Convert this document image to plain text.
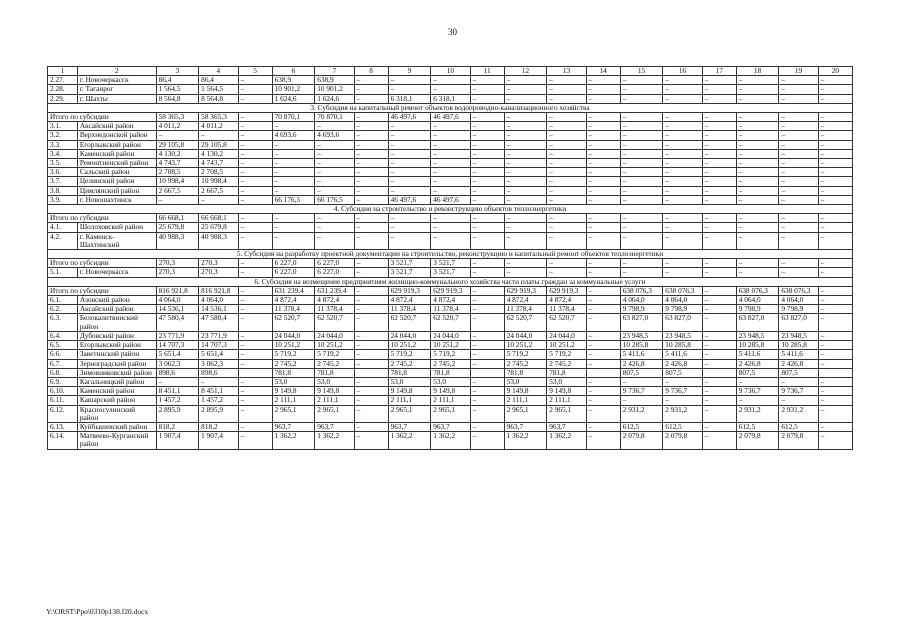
30
1	2	3	4	5	6	7	8	9	10	11	12	13	14	15	16	17	18	19	20
2.27.	г. Новочеркасск	86,4	86,4	–	638,9	638,9	–	–	–	–	–	–	–	–	–	–	–	–	–
2.28.	г. Таганрог	1 564,5	1 564,5	–	10 901,2	10 901,2	–	–	–	–	–	–	–	–	–	–	–	–	–
2.29.	г. Шахты	8 564,8	8 564,8	–	1 624,6	1 624,6	–	6 318,1	6 318,1	–	–	–	–	–	–	–	–	–	–
3. Субсидия на капитальный ремонт объектов водопроводно-канализационного хозяйства																			
Итого по субсидии		58 365,3	58 365,3	–	70 870,1	70 870,1	–	46 497,6	46 497,6	–	–	–	–	–	–	–	–	–	–
3.1.	Аксайский район	4 011,2	4 011,2	–	–	–	–	–	–	–	–	–	–	–	–	–	–	–	–
3.2.	Верхнедонской район	–	–	–	4 693,6	4 693,6	–	–	–	–	–	–	–	–	–	–	–	–	–
3.3.	Егорлыкский район	29 105,8	29 105,8	–	–	–	–	–	–	–	–	–	–	–	–	–	–	–	–
3.4.	Каменский район	4 130,2	4 130,2	–	–	–	–	–	–	–	–	–	–	–	–	–	–	–	–
3.5.	Ремонтненский район	4 743,7	4 743,7	–	–	–	–	–	–	–	–	–	–	–	–	–	–	–	–
3.6.	Сальский район	2 708,5	2 708,5	–	–	–	–	–	–	–	–	–	–	–	–	–	–	–	–
3.7.	Целинский район	10 998,4	10 998,4	–	–	–	–	–	–	–	–	–	–	–	–	–	–	–	–
3.8.	Цимлянский район	2 667,5	2 667,5	–	–	–	–	–	–	–	–	–	–	–	–	–	–	–	–
3.9.	г. Новошахтинск	–	–	–	66 176,5	66 176,5	–	46 497,6	46 497,6	–	–	–	–	–	–	–	–	–	–
4. Субсидия на строительство и реконструкцию объектов теплоэнергетики																			
Итого по субсидии		66 668,1	66 668,1	–	–	–	–	–	–	–	–	–	–	–	–	–	–	–	–
4.1.	Шолоховский район	25 679,8	25 679,8	–	–	–	–	–	–	–	–	–	–	–	–	–	–	–	–
4.2.	г. Каменск-Шахтинский	40 988,3	40 988,3	–	–	–	–	–	–	–	–	–	–	–	–	–	–	–	–
5. Субсидия на разработку проектной документации на строительство, реконструкцию и капитальный ремонт объектов теплоэнергетики																			
Итого по субсидии		270,3	270,3	–	6 227,0	6 227,0	–	3 521,7	3 521,7	–	–	–	–	–	–	–	–	–	–
5.1.	г. Новочеркасск	270,3	270,3	–	6 227,0	6 227,0	–	3 521,7	3 521,7	–	–	–	–	–	–	–	–	–	–
6. Субсидия на возмещение предприятиям жилищно-коммунального хозяйства части платы граждан за коммунальные услуги																			
Итого по субсидии		816 921,8	816 921,8	–	631 239,4	631 239,4	–	629 919,3	629 919,3	–	629 919,3	629 919,3	–	638 076,3	638 076,3	–	638 076,3	638 076,3	–
6.1.	Азовский район	4 064,0	4 064,0	–	4 872,4	4 872,4	–	4 872,4	4 872,4	–	4 872,4	4 872,4	–	4 064,0	4 064,0	–	4 064,0	4 064,0	–
6.2.	Аксайский район	14 536,1	14 536,1	–	11 378,4	11 378,4	–	11 378,4	11 378,4	–	11 378,4	11 378,4	–	9 798,9	9 798,9	–	9 798,9	9 798,9	–
6.3.	Белокалитвинский район	47 580,4	47 580,4	–	62 520,7	62 520,7	–	62 520,7	62 520,7	–	62 520,7	62 520,7	–	63 827,0	63 827,0	–	63 827,0	63 827,0	–
6.4.	Дубовский район	23 771,9	23 771,9	–	24 044,0	24 044,0	–	24 044,0	24 044,0	–	24 044,0	24 044,0	–	23 948,5	23 948,5	–	23 948,5	23 948,5	–
6.5.	Егорлыкский район	14 707,3	14 707,3	–	10 251,2	10 251,2	–	10 251,2	10 251,2	–	10 251,2	10 251,2	–	10 285,8	10 285,8	–	10 285,8	10 285,8	–
6.6.	Заветинский район	5 651,4	5 651,4	–	5 719,2	5 719,2	–	5 719,2	5 719,2	–	5 719,2	5 719,2	–	5 411,6	5 411,6	–	5 411,6	5 411,6	–
6.7.	Зерноградский район	3 062,3	3 062,3	–	2 745,2	2 745,2	–	2 745,2	2 745,2	–	2 745,2	2 745,2	–	2 426,8	2 426,8	–	2 426,8	2 426,8	–
6.8.	Зимовниковский район	898,6	898,6		781,8	781,8		781,8	781,8		781,8	781,8		807,5	807,5		807,5	807,5	
6.9.	Кагальницкий район	–	–	–	53,0	53,0	–	53,0	53,0	–	53,0	53,0	–	–	–	–	–	–	–
6.10.	Каменский район	8 451,1	8 451,1	–	9 149,8	9 149,8	–	9 149,8	9 149,8	–	9 149,8	9 149,8	–	9 736,7	9 736,7	–	9 736,7	9 736,7	–
6.11.	Кашарский район	1 457,2	1 457,2	–	2 111,1	2 111,1	–	2 111,1	2 111,1	–	2 111,1	2 111,1	–	–	–	–	–	–	–
6.12.	Красносулинский район	2 895,9	2 895,9	–	2 965,1	2 965,1	–	2 965,1	2 965,1	–	2 965,1	2 965,1	–	2 931,2	2 931,2	–	2 931,2	2 931,2	–
6.13.	Куйбышевский район	818,2	818,2	–	963,7	963,7	–	963,7	963,7	–	963,7	963,7	–	612,5	612,5	–	612,5	612,5	–
6.14.	Матвеево-Курганский район	1 907,4	1 907,4	–	1 362,2	1 362,2	–	1 362,2	1 362,2	–	1 362,2	1 362,2	–	2 079,8	2 079,8	–	2 079,8	2 079,8	–
Y:\ORST\Ppo\0310p138.f20.docx
